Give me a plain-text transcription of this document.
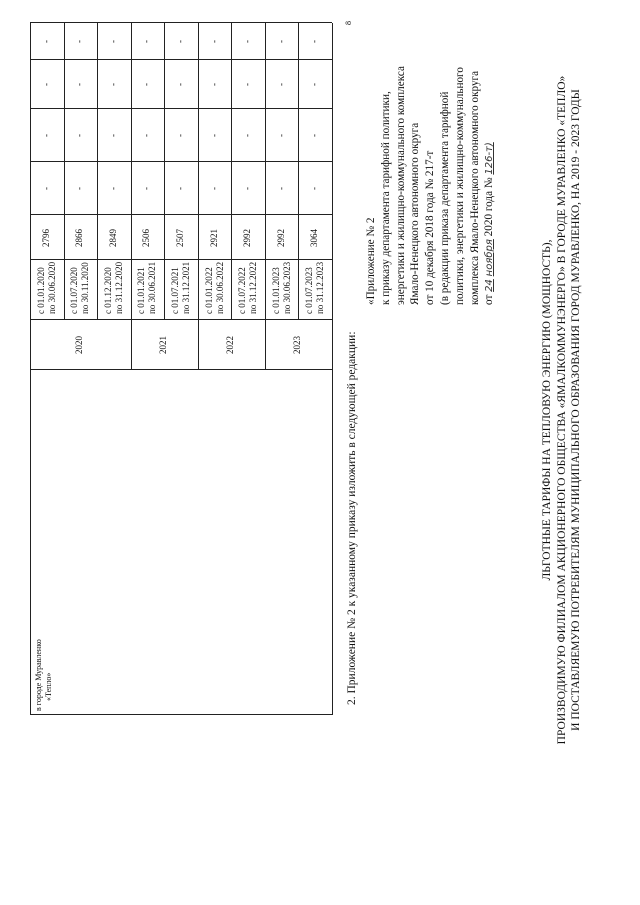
в городе Муравленко «Тепло»
с 01.01.2020 по 30.06.2020
2796
-
-
-
-
с 01.07.2020 по 30.11.2020
2866
-
-
-
-
с 01.12.2020 по 31.12.2020
2849
-
-
-
-
2020
с 01.01.2021 по 30.06.2021
2506
-
-
-
-
с 01.07.2021 по 31.12.2021
2507
-
-
-
-
2021
с 01.01.2022 по 30.06.2022
2921
-
-
-
-
с 01.07.2022 по 31.12.2022
2992
-
-
-
-
2022
с 01.01.2023 по 30.06.2023
2992
-
-
-
-
с 01.07.2023 по 31.12.2023
3064
-
-
-
-
2023	2. Приложение № 2 к указанному приказу изложить в следующей редакции:
«Приложение № 2 к приказу департамента тарифной политики, энергетики и жилищно-коммунального комплекса Ямало-Ненецкого автономного округа от 10 декабря 2018 года № 217-т (в редакции приказа департамента тарифной политики, энергетики и жилищно-коммунального комплекса Ямало-Ненецкого автономного округа от 24 ноября 2020 года № 126-т)
ЛЬГОТНЫЕ ТАРИФЫ НА ТЕПЛОВУЮ ЭНЕРГИЮ (МОЩНОСТЬ), ПРОИЗВОДИМУЮ ФИЛИАЛОМ АКЦИОНЕРНОГО ОБЩЕСТВА «ЯМАЛКОММУНЭНЕРГО» В ГОРОДЕ МУРАВЛЕНКО «ТЕПЛО» И ПОСТАВЛЯЕМУЮ ПОТРЕБИТЕЛЯМ МУНИЦИПАЛЬНОГО ОБРАЗОВАНИЯ ГОРОД МУРАВЛЕНКО, НА 2019 - 2023 ГОДЫ
8
